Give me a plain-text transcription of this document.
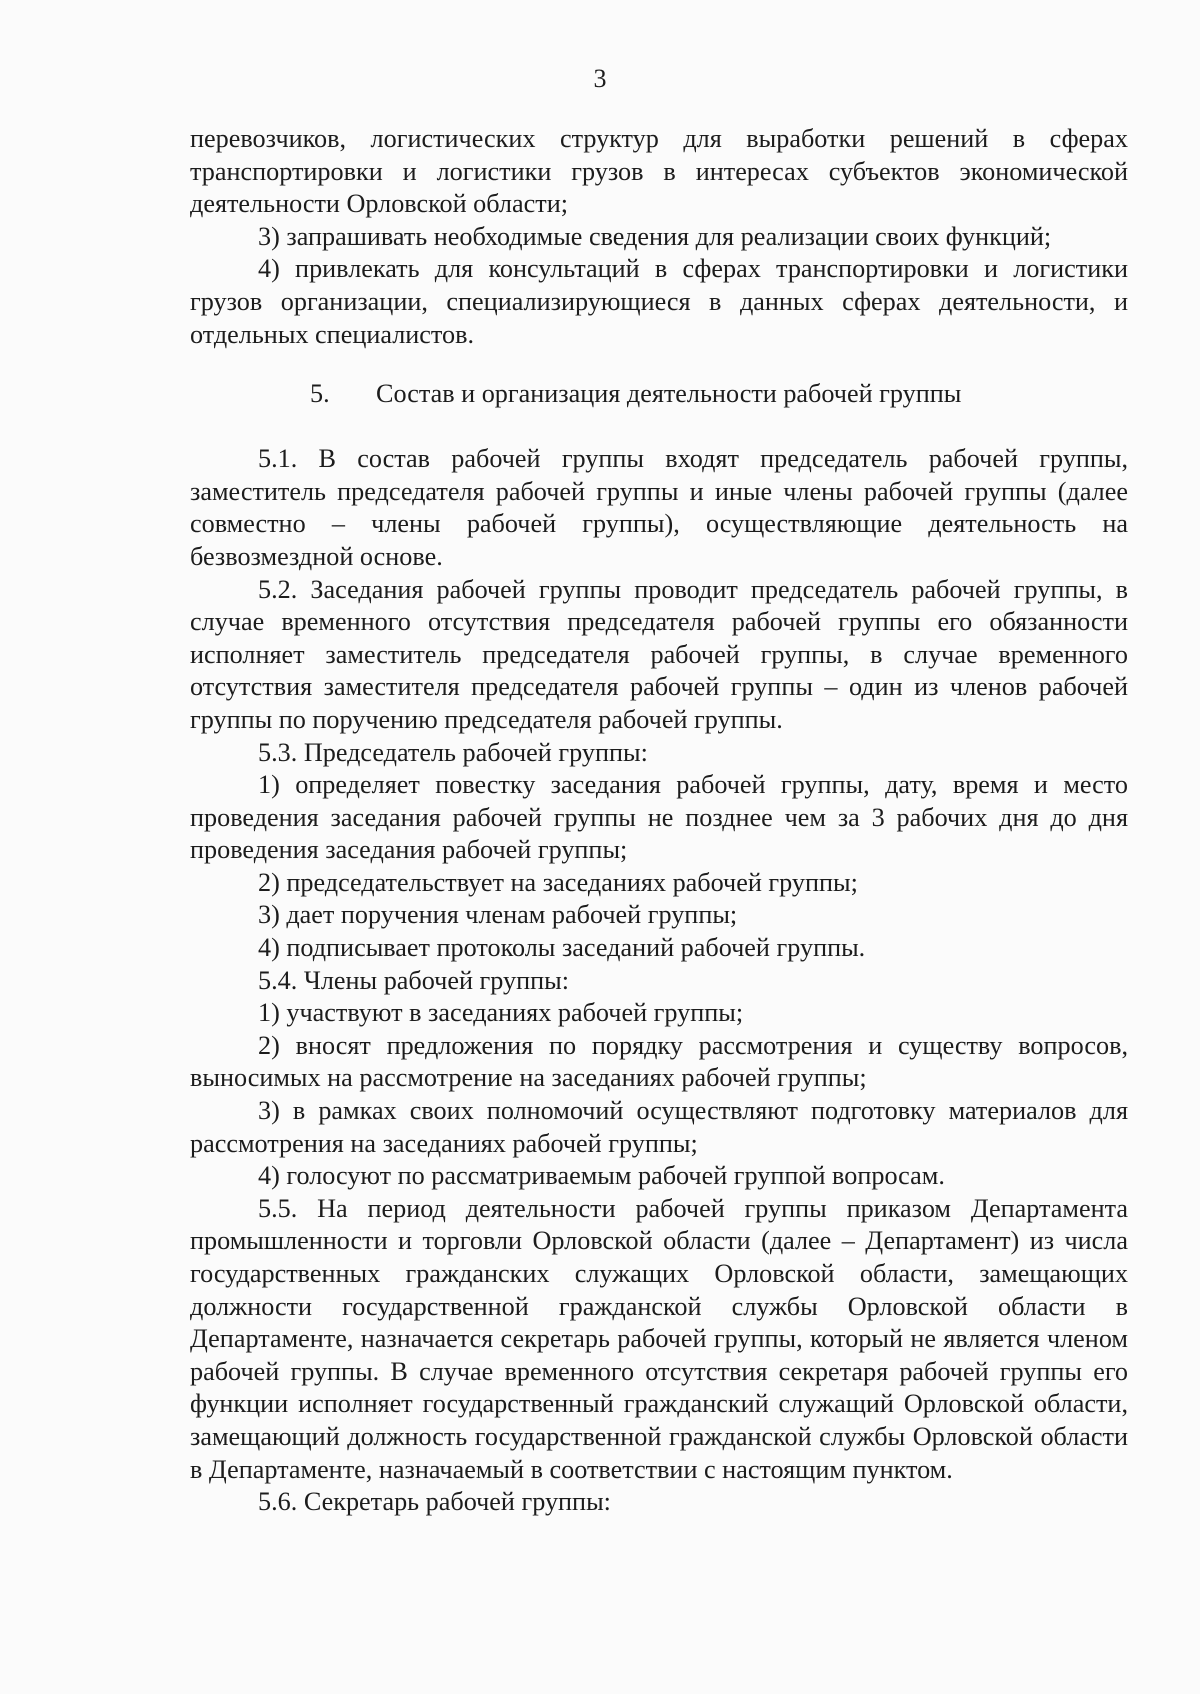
3

перевозчиков, логистических структур для выработки решений в сферах транспортировки и логистики грузов в интересах субъектов экономической деятельности Орловской области;

3) запрашивать необходимые сведения для реализации своих функций;

4) привлекать для консультаций в сферах транспортировки и логистики грузов организации, специализирующиеся в данных сферах деятельности, и отдельных специалистов.

5. Состав и организация деятельности рабочей группы

5.1. В состав рабочей группы входят председатель рабочей группы, заместитель председателя рабочей группы и иные члены рабочей группы (далее совместно – члены рабочей группы), осуществляющие деятельность на безвозмездной основе.

5.2. Заседания рабочей группы проводит председатель рабочей группы, в случае временного отсутствия председателя рабочей группы его обязанности исполняет заместитель председателя рабочей группы, в случае временного отсутствия заместителя председателя рабочей группы – один из членов рабочей группы по поручению председателя рабочей группы.

5.3. Председатель рабочей группы:

1) определяет повестку заседания рабочей группы, дату, время и место проведения заседания рабочей группы не позднее чем за 3 рабочих дня до дня проведения заседания рабочей группы;

2) председательствует на заседаниях рабочей группы;

3) дает поручения членам рабочей группы;

4) подписывает протоколы заседаний рабочей группы.

5.4. Члены рабочей группы:

1) участвуют в заседаниях рабочей группы;

2) вносят предложения по порядку рассмотрения и существу вопросов, выносимых на рассмотрение на заседаниях рабочей группы;

3) в рамках своих полномочий осуществляют подготовку материалов для рассмотрения на заседаниях рабочей группы;

4) голосуют по рассматриваемым рабочей группой вопросам.

5.5. На период деятельности рабочей группы приказом Департамента промышленности и торговли Орловской области (далее – Департамент) из числа государственных гражданских служащих Орловской области, замещающих должности государственной гражданской службы Орловской области в Департаменте, назначается секретарь рабочей группы, который не является членом рабочей группы. В случае временного отсутствия секретаря рабочей группы его функции исполняет государственный гражданский служащий Орловской области, замещающий должность государственной гражданской службы Орловской области в Департаменте, назначаемый в соответствии с настоящим пунктом.

5.6. Секретарь рабочей группы:
